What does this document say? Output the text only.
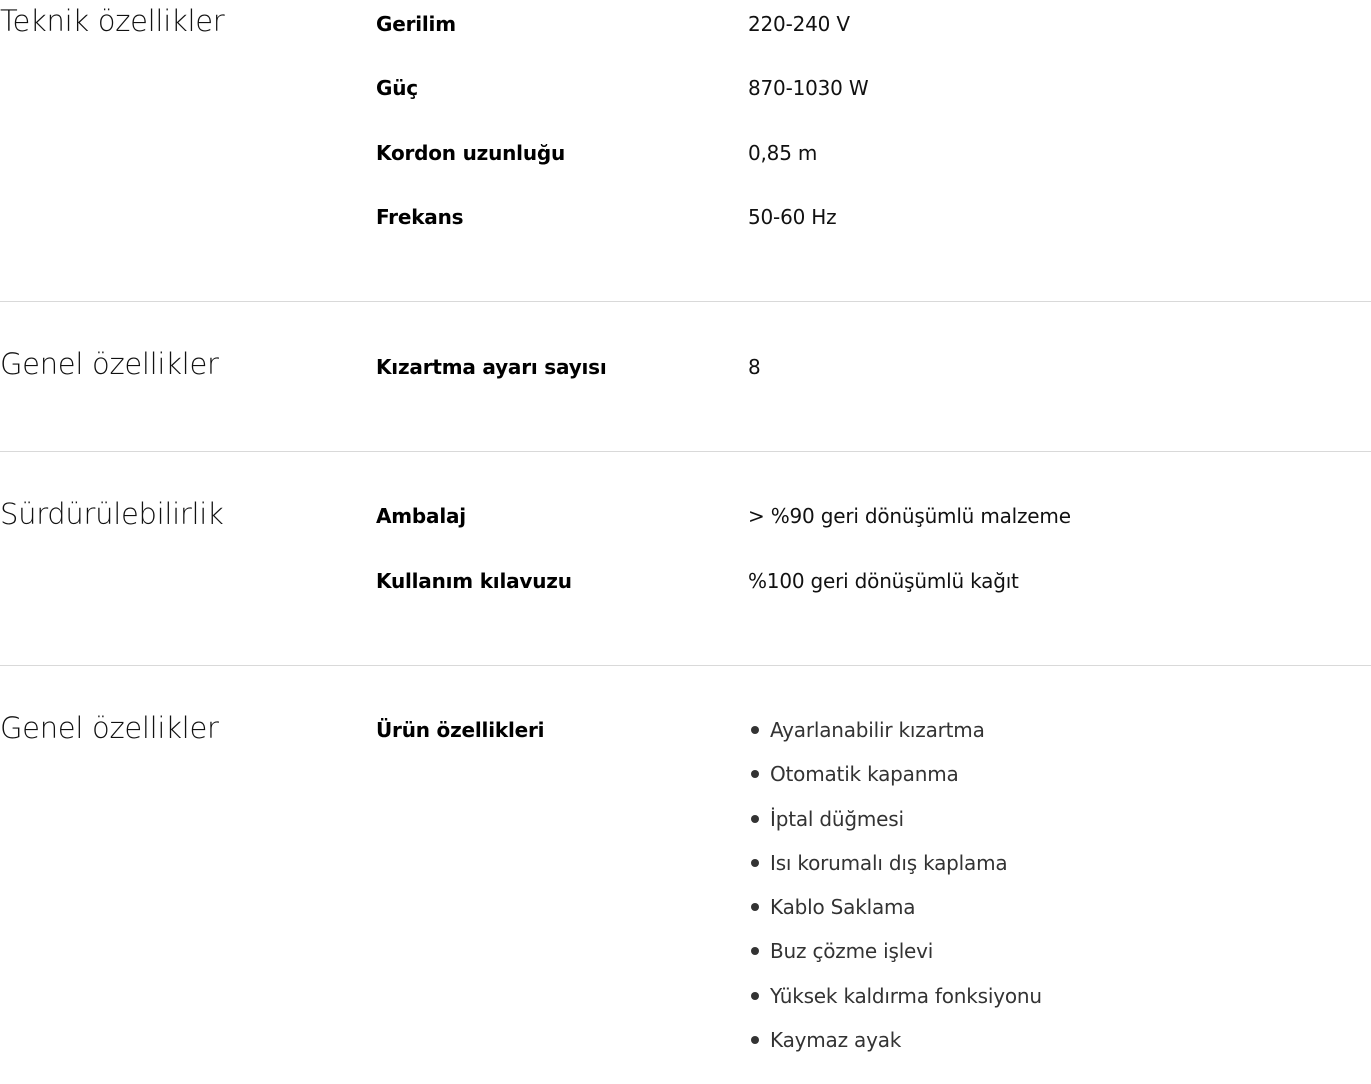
Teknik özellikler	Gerilim	220-240 V
Güç	870-1030 W
Kordon uzunluğu	0,85 m
Frekans	50-60 Hz
Genel özellikler	Kızartma ayarı sayısı	8
Sürdürülebilirlik	Ambalaj	> %90 geri dönüşümlü malzeme
Kullanım kılavuzu	%100 geri dönüşümlü kağıt
Genel özellikler	Ürün özellikleri	Ayarlanabilir kızartma
Otomatik kapanma
İptal düğmesi
Isı korumalı dış kaplama
Kablo Saklama
Buz çözme işlevi
Yüksek kaldırma fonksiyonu
Kaymaz ayak
